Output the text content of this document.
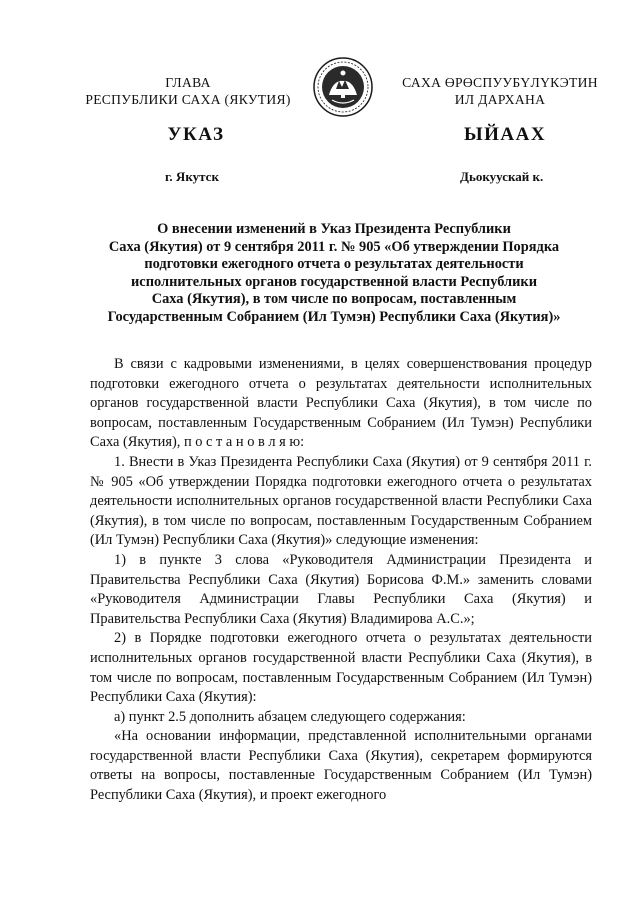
ГЛАВА
РЕСПУБЛИКИ САХА (ЯКУТИЯ)
САХА ӨРӨСПУУБҮЛҮКЭТИН
ИЛ ДАРХАНА
УКАЗ	ЫЙААХ
г. Якутск	Дьокуускай к.
О внесении изменений в Указ Президента Республики
Саха (Якутия) от 9 сентября 2011 г. № 905 «Об утверждении Порядка
подготовки ежегодного отчета о результатах деятельности
исполнительных органов государственной власти Республики
Саха (Якутия), в том числе по вопросам, поставленным
Государственным Собранием (Ил Тумэн) Республики Саха (Якутия)»

В связи с кадровыми изменениями, в целях совершенствования процедур подготовки ежегодного отчета о результатах деятельности исполнительных органов государственной власти Республики Саха (Якутия), в том числе по вопросам, поставленным Государственным Собранием (Ил Тумэн) Республики Саха (Якутия), п о с т а н о в л я ю:

1. Внести в Указ Президента Республики Саха (Якутия) от 9 сентября 2011 г. № 905 «Об утверждении Порядка подготовки ежегодного отчета о результатах деятельности исполнительных органов государственной власти Республики Саха (Якутия), в том числе по вопросам, поставленным Государственным Собранием (Ил Тумэн) Республики Саха (Якутия)» следующие изменения:

1) в пункте 3 слова «Руководителя Администрации Президента и Правительства Республики Саха (Якутия) Борисова Ф.М.» заменить словами «Руководителя Администрации Главы Республики Саха (Якутия) и Правительства Республики Саха (Якутия) Владимирова А.С.»;

2) в Порядке подготовки ежегодного отчета о результатах деятельности исполнительных органов государственной власти Республики Саха (Якутия), в том числе по вопросам, поставленным Государственным Собранием (Ил Тумэн) Республики Саха (Якутия):

а) пункт 2.5 дополнить абзацем следующего содержания:

«На основании информации, представленной исполнительными органами государственной власти Республики Саха (Якутия), секретарем формируются ответы на вопросы, поставленные Государственным Собранием (Ил Тумэн) Республики Саха (Якутия), и проект ежегодного
